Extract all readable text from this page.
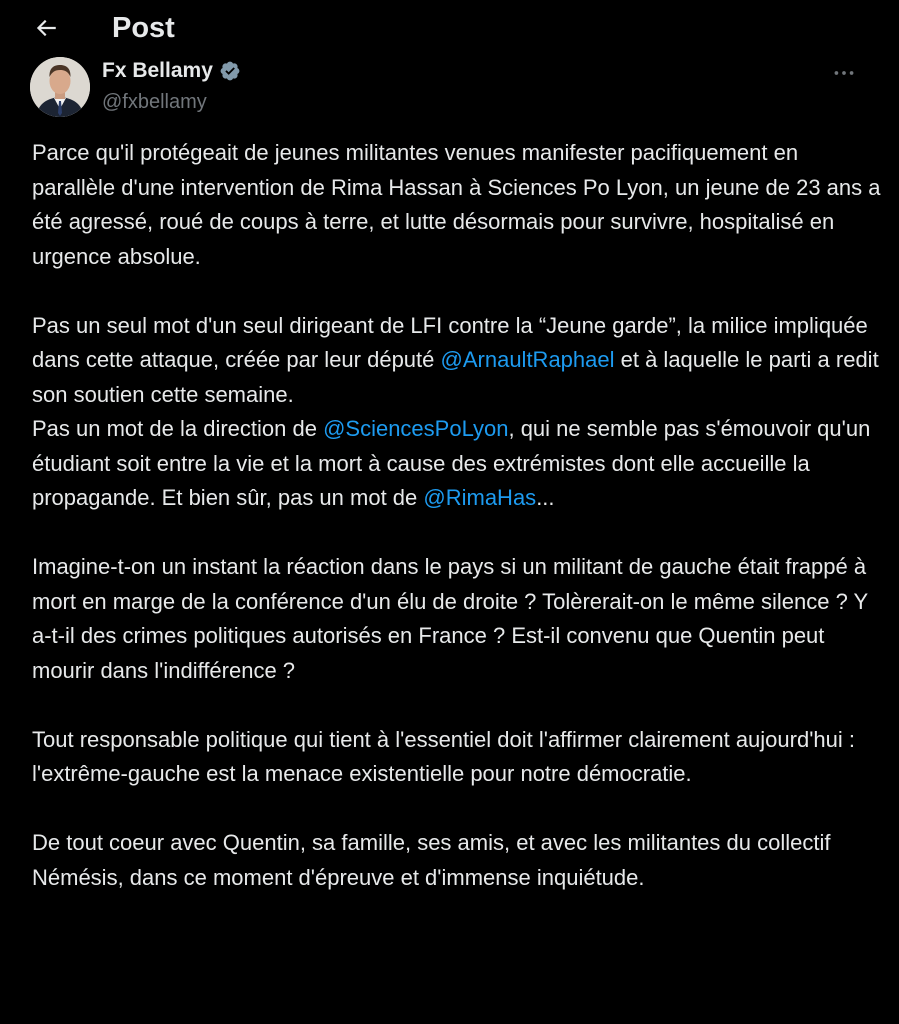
Post
Fx Bellamy
@fxbellamy

Parce qu'il protégeait de jeunes militantes venues manifester pacifiquement en parallèle d'une intervention de Rima Hassan à Sciences Po Lyon, un jeune de 23 ans a été agressé, roué de coups à terre, et lutte désormais pour survivre, hospitalisé en urgence absolue.

Pas un seul mot d'un seul dirigeant de LFI contre la “Jeune garde”, la milice impliquée dans cette attaque, créée par leur député @ArnaultRaphael et à laquelle le parti a redit son soutien cette semaine.

Pas un mot de la direction de @SciencesPoLyon, qui ne semble pas s'émouvoir qu'un étudiant soit entre la vie et la mort à cause des extrémistes dont elle accueille la propagande. Et bien sûr, pas un mot de @RimaHas...

Imagine-t-on un instant la réaction dans le pays si un militant de gauche était frappé à mort en marge de la conférence d'un élu de droite ? Tolèrerait-on le même silence ? Y a-t-il des crimes politiques autorisés en France ? Est-il convenu que Quentin peut mourir dans l'indifférence ?

Tout responsable politique qui tient à l'essentiel doit l'affirmer clairement aujourd'hui : l'extrême-gauche est la menace existentielle pour notre démocratie.

De tout coeur avec Quentin, sa famille, ses amis, et avec les militantes du collectif Némésis, dans ce moment d'épreuve et d'immense inquiétude.
